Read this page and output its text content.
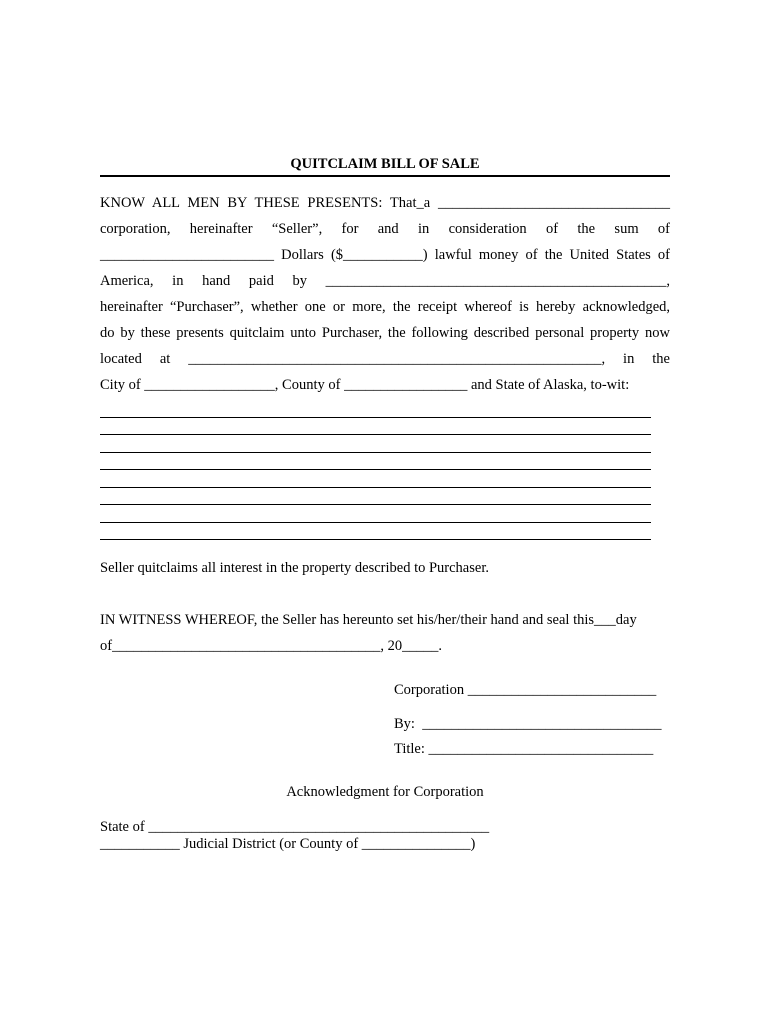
QUITCLAIM BILL OF SALE
KNOW ALL MEN BY THESE PRESENTS: That_a ________________________________
corporation, hereinafter “Seller”, for and in consideration of the sum of
________________________ Dollars ($___________) lawful money of the United States of
America, in hand paid by _______________________________________________,
hereinafter “Purchaser”, whether one or more, the receipt whereof is hereby acknowledged,
do by these presents quitclaim unto Purchaser, the following described personal property now
located at _________________________________________________________, in the
City of __________________, County of _________________ and State of Alaska, to-wit:
Seller quitclaims all interest in the property described to Purchaser.
IN WITNESS WHEREOF, the Seller has hereunto set his/her/their hand and seal this___day
of_____________________________________, 20_____.
Corporation __________________________
By:  _________________________________
Title: _______________________________
Acknowledgment for Corporation
State of _______________________________________________
___________ Judicial District (or County of _______________)
